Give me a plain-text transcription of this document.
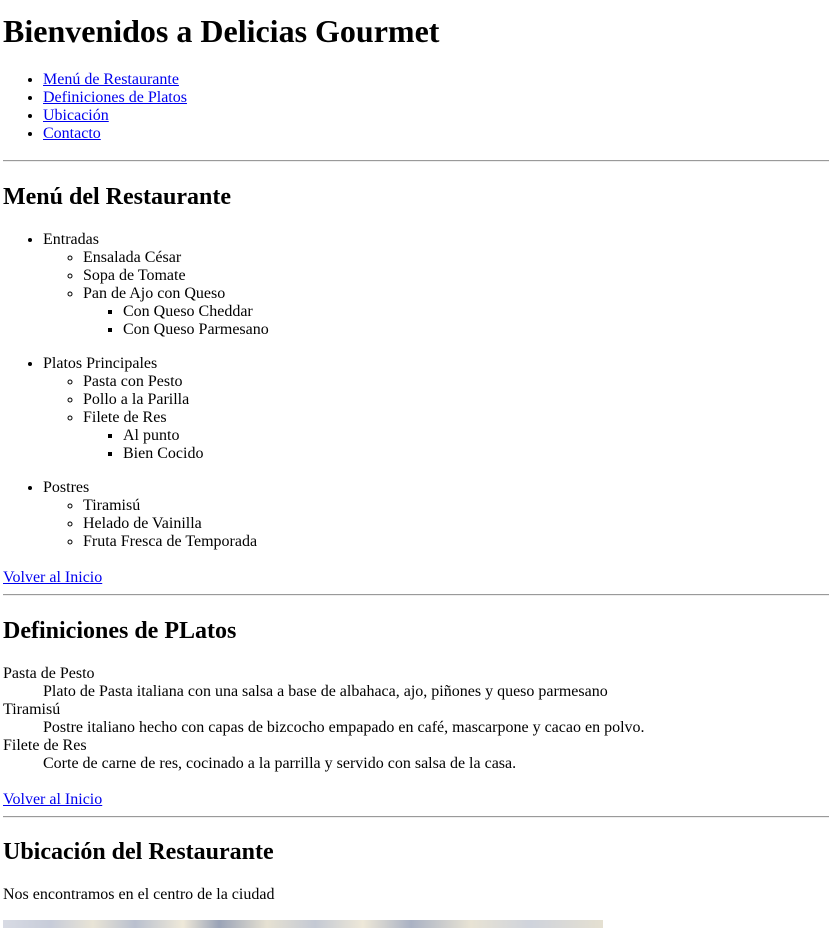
Bienvenidos a Delicias Gourmet
• Menú de Restaurante
• Definiciones de Platos
• Ubicación
• Contacto
Menú del Restaurante
• Entradas
◦ Ensalada César
◦ Sopa de Tomate
◦ Pan de Ajo con Queso
▪ Con Queso Cheddar
▪ Con Queso Parmesano
• Platos Principales
◦ Pasta con Pesto
◦ Pollo a la Parilla
◦ Filete de Res
▪ Al punto
▪ Bien Cocido
• Postres
◦ Tiramisú
◦ Helado de Vainilla
◦ Fruta Fresca de Temporada
Volver al Inicio
Definiciones de PLatos
Pasta de Pesto
Plato de Pasta italiana con una salsa a base de albahaca, ajo, piñones y queso parmesano
Tiramisú
Postre italiano hecho con capas de bizcocho empapado en café, mascarpone y cacao en polvo.
Filete de Res
Corte de carne de res, cocinado a la parrilla y servido con salsa de la casa.
Volver al Inicio
Ubicación del Restaurante

Nos encontramos en el centro de la ciudad
